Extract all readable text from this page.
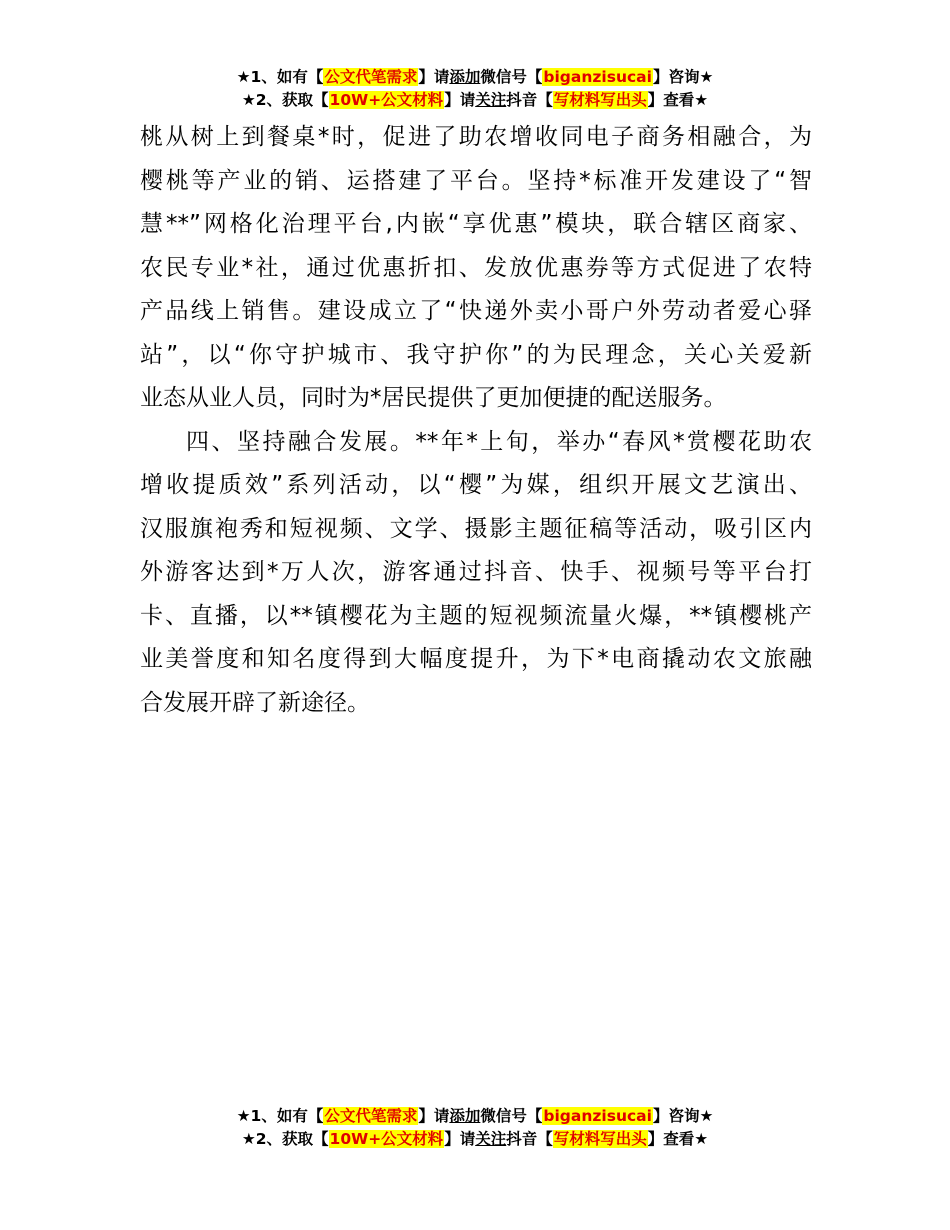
★1、如有【公文代笔需求】请添加微信号【biganzisucai】咨询★
★2、获取【10W+公文材料】请关注抖音【写材料写出头】查看★

桃从树上到餐桌*时，促进了助农增收同电子商务相融合，为
樱桃等产业的销、运搭建了平台。坚持*标准开发建设了“智
慧**”网格化治理平台,内嵌“享优惠”模块，联合辖区商家、
农民专业*社，通过优惠折扣、发放优惠券等方式促进了农特
产品线上销售。建设成立了“快递外卖小哥户外劳动者爱心驿
站”，以“你守护城市、我守护你”的为民理念，关心关爱新
业态从业人员，同时为*居民提供了更加便捷的配送服务。

四、坚持融合发展。**年*上旬，举办“春风*赏樱花助农
增收提质效”系列活动，以“樱”为媒，组织开展文艺演出、
汉服旗袍秀和短视频、文学、摄影主题征稿等活动，吸引区内
外游客达到*万人次，游客通过抖音、快手、视频号等平台打
卡、直播，以**镇樱花为主题的短视频流量火爆，**镇樱桃产
业美誉度和知名度得到大幅度提升，为下*电商撬动农文旅融
合发展开辟了新途径。

★1、如有【公文代笔需求】请添加微信号【biganzisucai】咨询★
★2、获取【10W+公文材料】请关注抖音【写材料写出头】查看★
